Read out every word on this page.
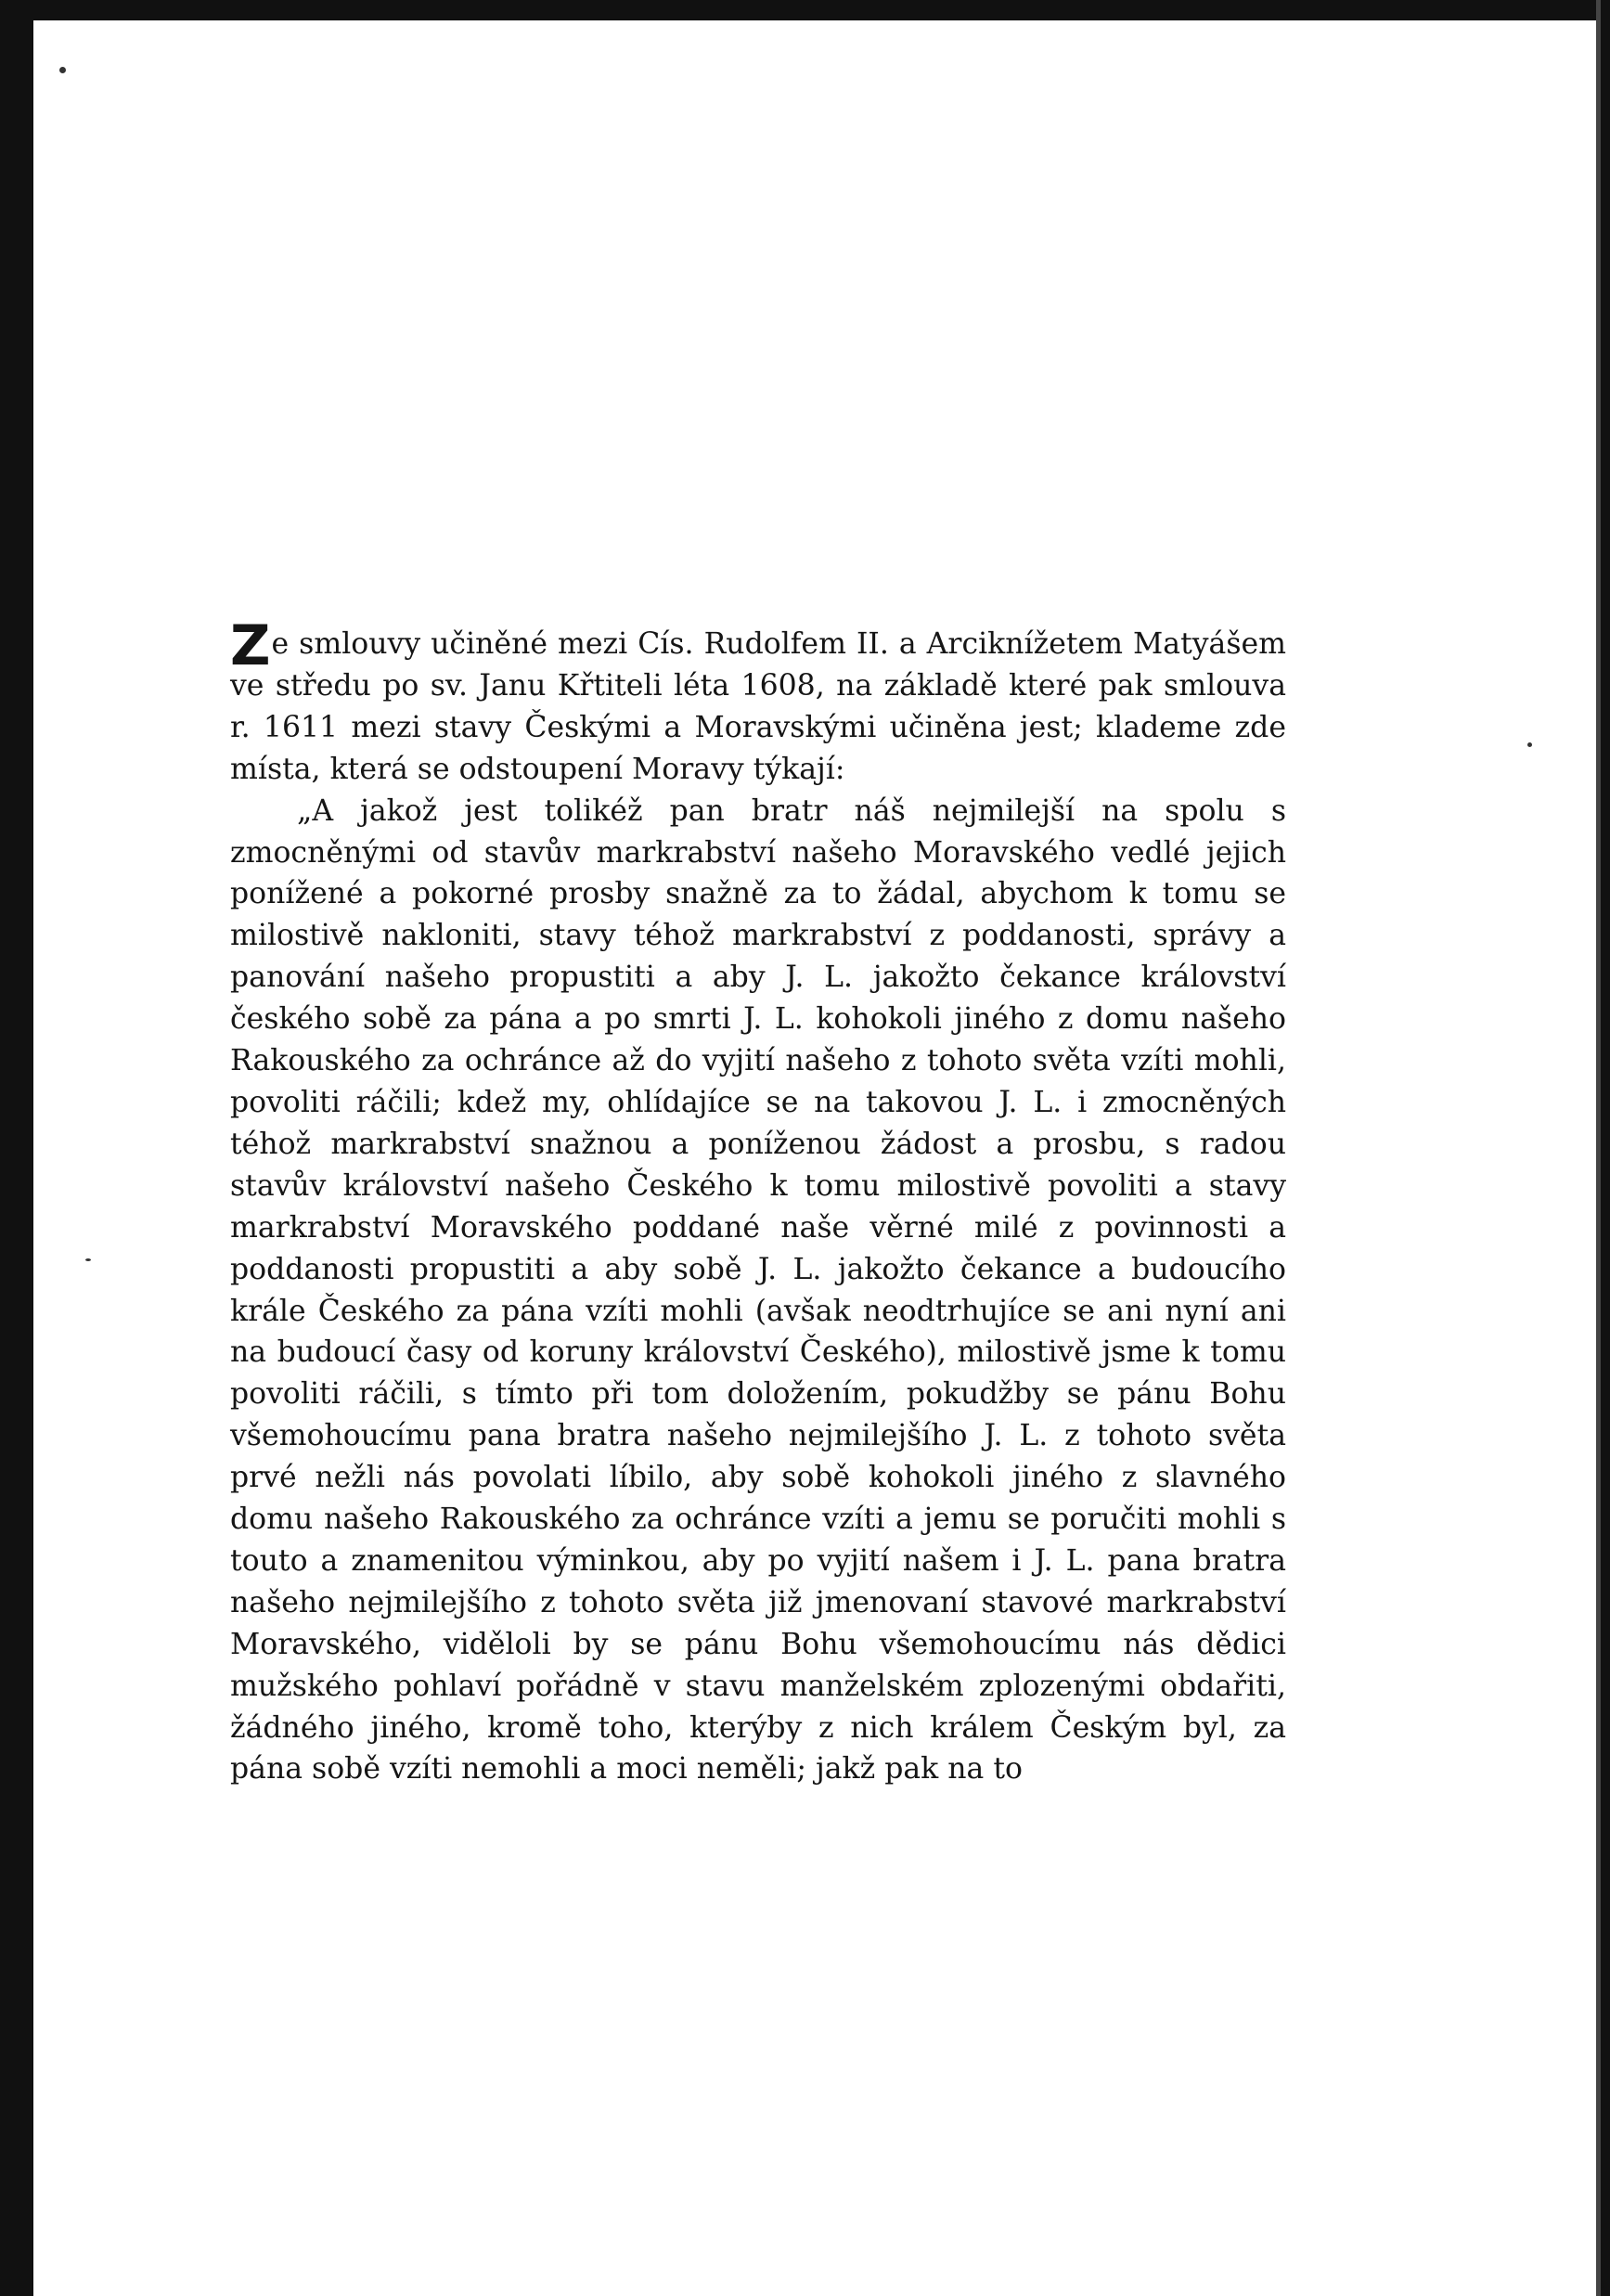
Ze smlouvy učiněné mezi Cís. Rudolfem II. a Arciknížetem Matyášem ve středu po sv. Janu Křtiteli léta 1608, na základě které pak smlouva r. 1611 mezi stavy Českými a Moravskými učiněna jest; klademe zde místa, která se odstoupení Moravy týkají:

„A jakož jest tolikéž pan bratr náš nejmilejší na spolu s zmocněnými od stavův markrabství našeho Moravského vedlé jejich ponížené a pokorné prosby snažně za to žádal, abychom k tomu se milostivě nakloniti, stavy téhož markrabství z poddanosti, správy a panování našeho propustiti a aby J. L. jakožto čekance království českého sobě za pána a po smrti J. L. kohokoli jiného z domu našeho Rakouského za ochránce až do vyjití našeho z tohoto světa vzíti mohli, povoliti ráčili; kdež my, ohlídajíce se na takovou J. L. i zmocněných téhož markrabství snažnou a poníženou žádost a prosbu, s radou stavův království našeho Českého k tomu milostivě povoliti a stavy markrabství Moravského poddané naše věrné milé z povinnosti a poddanosti propustiti a aby sobě J. L. jakožto čekance a budoucího krále Českého za pána vzíti mohli (avšak neodtrhujíce se ani nyní ani na budoucí časy od koruny království Českého), milostivě jsme k tomu povoliti ráčili, s tímto při tom doložením, pokudžby se pánu Bohu všemohoucímu pana bratra našeho nejmilejšího J. L. z tohoto světa prvé nežli nás povolati líbilo, aby sobě kohokoli jiného z slavného domu našeho Rakouského za ochránce vzíti a jemu se poručiti mohli s toutо a znamenitou výminkou, aby po vyjití našem i J. L. pana bratra našeho nejmilejšího z tohoto světa již jmenovaní stavové markrabství Moravského, viděloli by se pánu Bohu všemohoucímu nás dědici mužského pohlaví pořádně v stavu manželském zplozenými obdařiti, žádného jiného, kromě toho, kterýby z nich králem Českým byl, za pána sobě vzíti nemohli a moci neměli; jakž pak na to
